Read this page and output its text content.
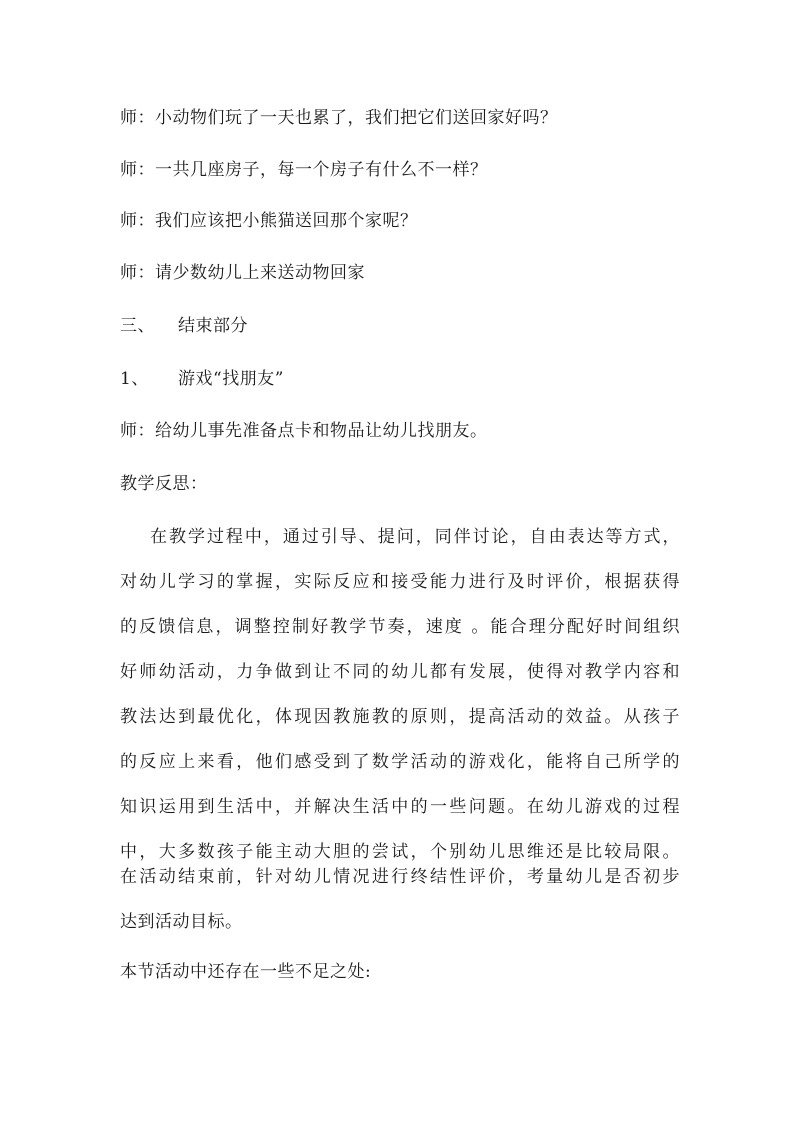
师：小动物们玩了一天也累了，我们把它们送回家好吗？
师：一共几座房子，每一个房子有什么不一样？
师：我们应该把小熊猫送回那个家呢？
师：请少数幼儿上来送动物回家
三、 结束部分
1、 游戏“找朋友”
师：给幼儿事先准备点卡和物品让幼儿找朋友。
教学反思：
在教学过程中，通过引导、提问，同伴讨论，自由表达等方式，
对幼儿学习的掌握，实际反应和接受能力进行及时评价，根据获得
的反馈信息，调整控制好教学节奏，速度 。能合理分配好时间组织
好师幼活动，力争做到让不同的幼儿都有发展，使得对教学内容和
教法达到最优化，体现因教施教的原则，提高活动的效益。从孩子
的反应上来看，他们感受到了数学活动的游戏化，能将自己所学的
知识运用到生活中，并解决生活中的一些问题。在幼儿游戏的过程
中，大多数孩子能主动大胆的尝试，个别幼儿思维还是比较局限。
在活动结束前，针对幼儿情况进行终结性评价，考量幼儿是否初步
达到活动目标。
本节活动中还存在一些不足之处:
